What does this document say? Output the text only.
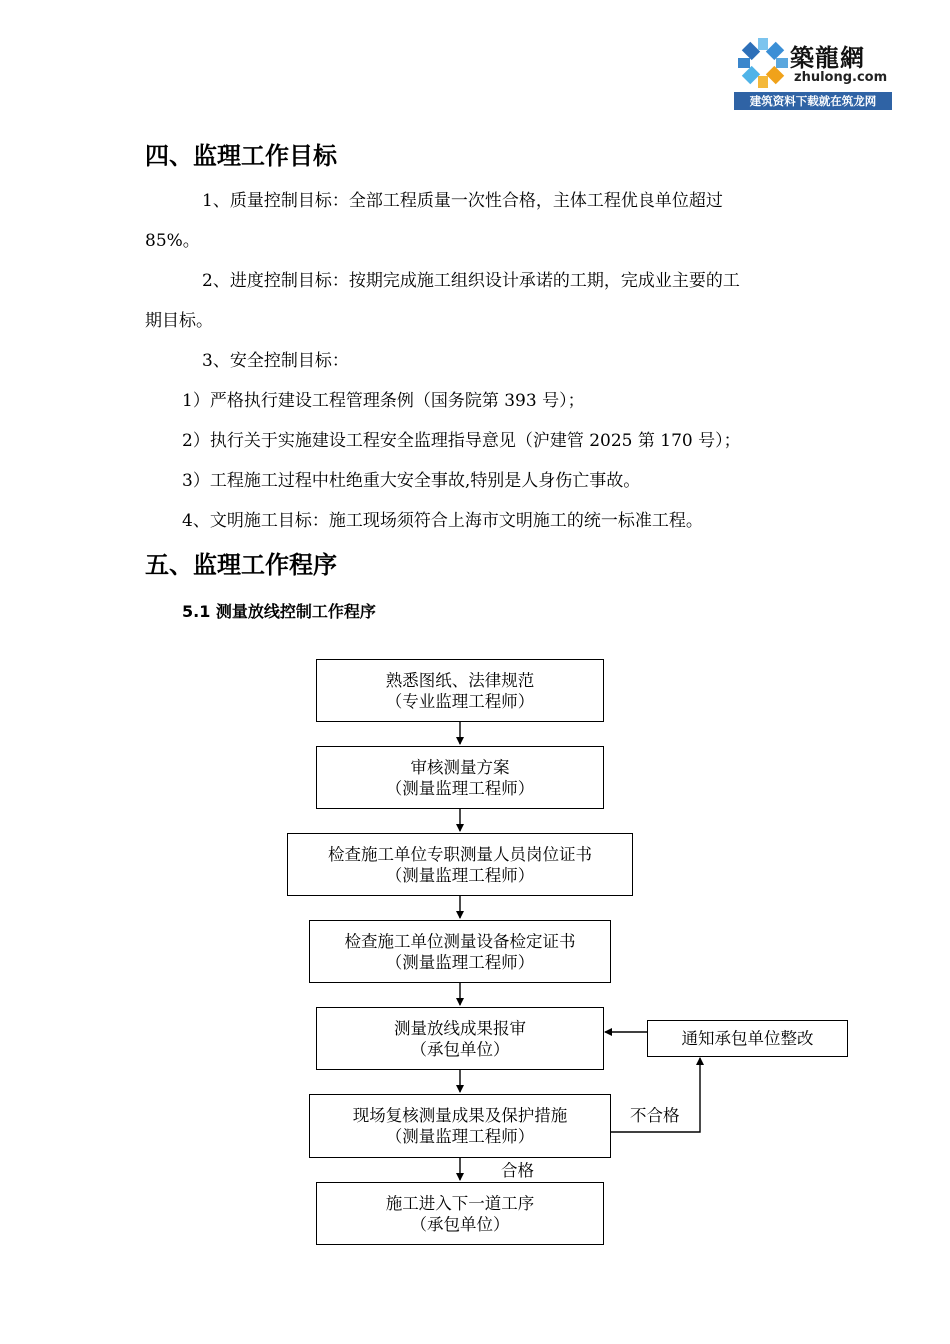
築龍網
zhulong.com
建筑资料下载就在筑龙网
四、监理工作目标
1、质量控制目标：全部工程质量一次性合格，主体工程优良单位超过
85%。
2、进度控制目标：按期完成施工组织设计承诺的工期，完成业主要的工
期目标。
3、安全控制目标：
1）严格执行建设工程管理条例（国务院第 393 号）；
2）执行关于实施建设工程安全监理指导意见（沪建管 2025 第 170 号）；
3）工程施工过程中杜绝重大安全事故,特别是人身伤亡事故。
4、文明施工目标：施工现场须符合上海市文明施工的统一标准工程。
五、监理工作程序
5.1 测量放线控制工作程序
熟悉图纸、法律规范
（专业监理工程师）
审核测量方案
（测量监理工程师）
检查施工单位专职测量人员岗位证书
（测量监理工程师）
检查施工单位测量设备检定证书
（测量监理工程师）
测量放线成果报审
（承包单位）
现场复核测量成果及保护措施
（测量监理工程师）
施工进入下一道工序
（承包单位）
通知承包单位整改
不合格
合格
